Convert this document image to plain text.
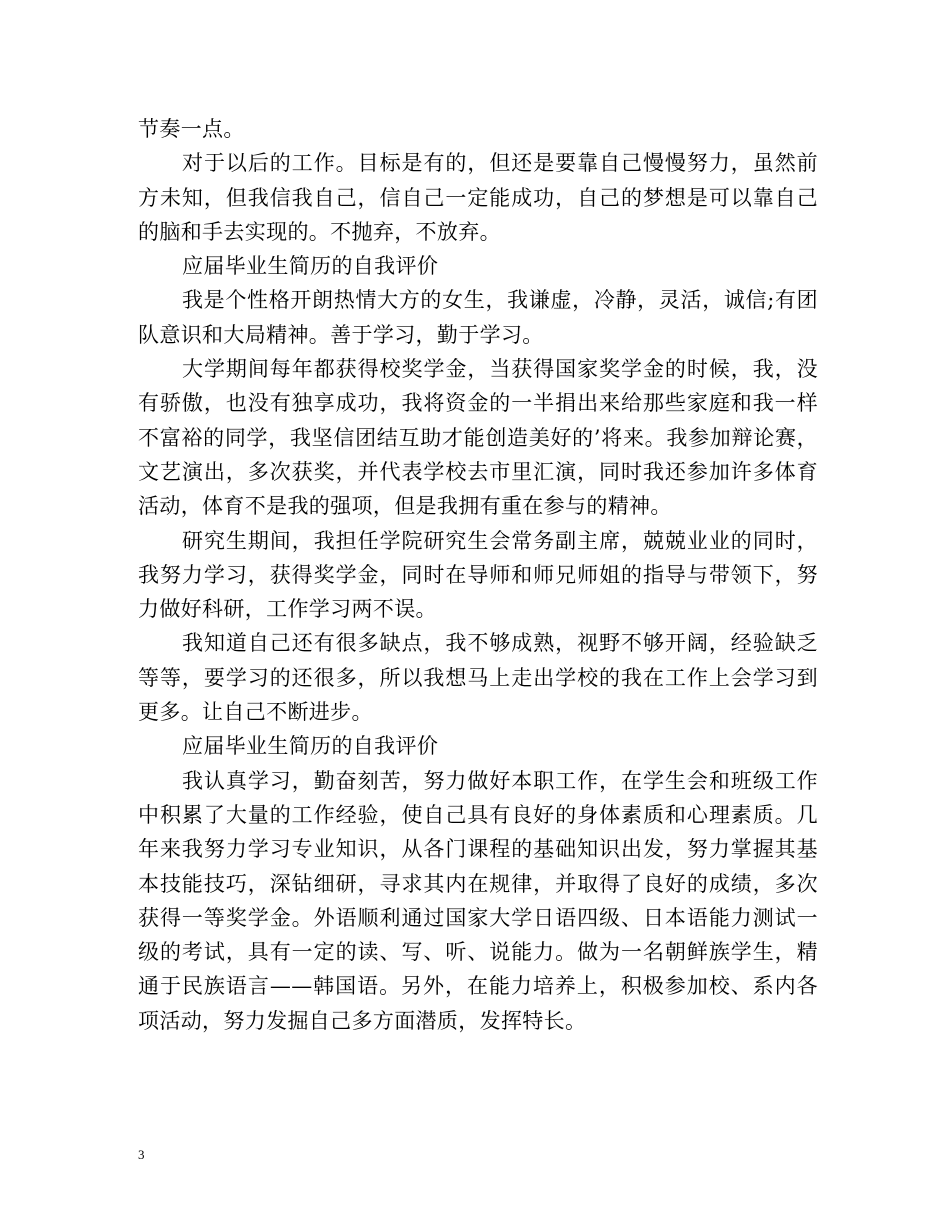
节奏一点。

对于以后的工作。目标是有的，但还是要靠自己慢慢努力，虽然前方未知，但我信我自己，信自己一定能成功，自己的梦想是可以靠自己的脑和手去实现的。不抛弃，不放弃。

应届毕业生简历的自我评价

我是个性格开朗热情大方的女生，我谦虚，冷静，灵活，诚信;有团队意识和大局精神。善于学习，勤于学习。

大学期间每年都获得校奖学金，当获得国家奖学金的时候，我，没有骄傲，也没有独享成功，我将资金的一半捐出来给那些家庭和我一样不富裕的同学，我坚信团结互助才能创造美好的’将来。我参加辩论赛，文艺演出，多次获奖，并代表学校去市里汇演，同时我还参加许多体育活动，体育不是我的强项，但是我拥有重在参与的精神。

研究生期间，我担任学院研究生会常务副主席，兢兢业业的同时，我努力学习，获得奖学金，同时在导师和师兄师姐的指导与带领下，努力做好科研，工作学习两不误。

我知道自己还有很多缺点，我不够成熟，视野不够开阔，经验缺乏等等，要学习的还很多，所以我想马上走出学校的我在工作上会学习到更多。让自己不断进步。

应届毕业生简历的自我评价

我认真学习，勤奋刻苦，努力做好本职工作，在学生会和班级工作中积累了大量的工作经验，使自己具有良好的身体素质和心理素质。几年来我努力学习专业知识，从各门课程的基础知识出发，努力掌握其基本技能技巧，深钻细研，寻求其内在规律，并取得了良好的成绩，多次获得一等奖学金。外语顺利通过国家大学日语四级、日本语能力测试一级的考试，具有一定的读、写、听、说能力。做为一名朝鲜族学生，精通于民族语言——韩国语。另外，在能力培养上，积极参加校、系内各项活动，努力发掘自己多方面潜质，发挥特长。

3
